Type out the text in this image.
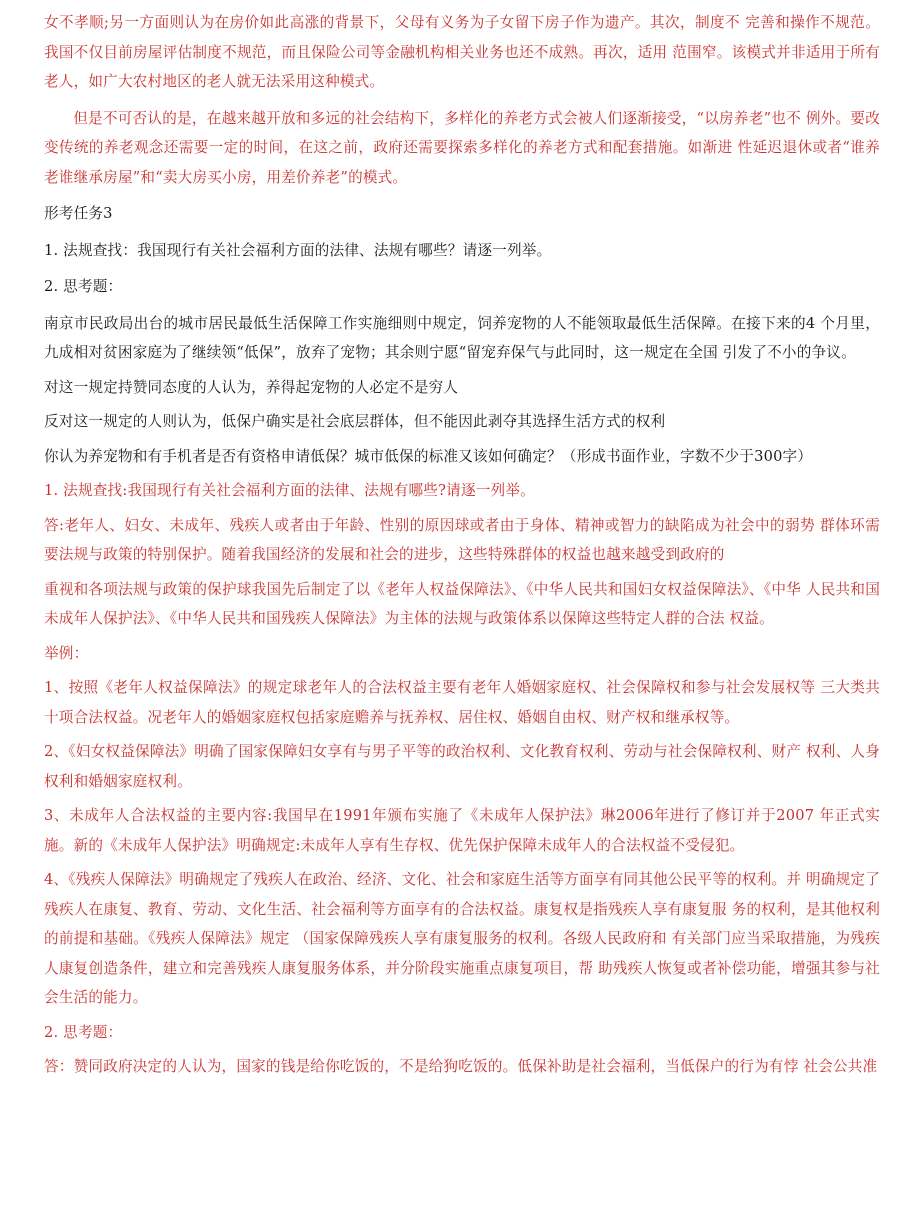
女不孝顺;另一方面则认为在房价如此高涨的背景下，父母有义务为子女留下房子作为遗产。其次，制度不 完善和操作不规范。我国不仅目前房屋评估制度不规范，而且保险公司等金融机构相关业务也还不成熟。再次，适用 范围窄。该模式并非适用于所有老人，如广大农村地区的老人就无法采用这种模式。

但是不可否认的是，在越来越开放和多远的社会结构下，多样化的养老方式会被人们逐渐接受，“以房养老”也不 例外。要改变传统的养老观念还需要一定的时间，在这之前，政府还需要探索多样化的养老方式和配套措施。如渐进 性延迟退休或者“谁养老谁继承房屋”和“卖大房买小房，用差价养老”的模式。

形考任务3

1. 法规查找：我国现行有关社会福利方面的法律、法规有哪些？请逐一列举。

2. 思考题：

南京市民政局出台的城市居民最低生活保障工作实施细则中规定，饲养宠物的人不能领取最低生活保障。在接下来的4 个月里，九成相对贫困家庭为了继续领“低保”，放弃了宠物；其余则宁愿“留宠弃保气与此同时，这一规定在全国 引发了不小的争议。

对这一规定持赞同态度的人认为，养得起宠物的人必定不是穷人

反对这一规定的人则认为，低保户确实是社会底层群体，但不能因此剥夺其选择生活方式的权利

你认为养宠物和有手机者是否有资格申请低保？城市低保的标准又该如何确定？（形成书面作业，字数不少于300字）

1. 法规查找:我国现行有关社会福利方面的法律、法规有哪些?请逐一列举。

答:老年人、妇女、未成年、残疾人或者由于年龄、性别的原因球或者由于身体、精神或智力的缺陷成为社会中的弱势 群体环需要法规与政策的特别保护。随着我国经济的发展和社会的进步，这些特殊群体的权益也越来越受到政府的

重视和各项法规与政策的保护球我国先后制定了以《老年人权益保障法》、《中华人民共和国妇女权益保障法》、《中华 人民共和国未成年人保护法》、《中华人民共和国残疾人保障法》为主体的法规与政策体系以保障这些特定人群的合法 权益。

举例：

1、按照《老年人权益保障法》的规定球老年人的合法权益主要有老年人婚姻家庭权、社会保障权和参与社会发展权等 三大类共十项合法权益。况老年人的婚姻家庭权包括家庭赡养与抚养权、居住权、婚姻自由权、财产权和继承权等。

2、《妇女权益保障法》明确了国家保障妇女享有与男子平等的政治权利、文化教育权利、劳动与社会保障权利、财产 权利、人身权利和婚姻家庭权利。

3、未成年人合法权益的主要内容:我国早在1991年颁布实施了《未成年人保护法》琳2006年进行了修订并于2007 年正式实施。新的《未成年人保护法》明确规定:未成年人享有生存权、优先保护保障未成年人的合法权益不受侵犯。

4、《残疾人保障法》明确规定了残疾人在政治、经济、文化、社会和家庭生活等方面享有同其他公民平等的权利。并 明确规定了残疾人在康复、教育、劳动、文化生活、社会福利等方面享有的合法权益。康复权是指残疾人享有康复服 务的权利，是其他权利的前提和基础。《残疾人保障法》规定 （国家保障残疾人享有康复服务的权利。各级人民政府和 有关部门应当采取措施，为残疾人康复创造条件，建立和完善残疾人康复服务体系，并分阶段实施重点康复项目，帮 助残疾人恢复或者补偿功能，增强其参与社会生活的能力。

2. 思考题：

答：赞同政府决定的人认为，国家的钱是给你吃饭的，不是给狗吃饭的。低保补助是社会福利，当低保户的行为有悖 社会公共准
